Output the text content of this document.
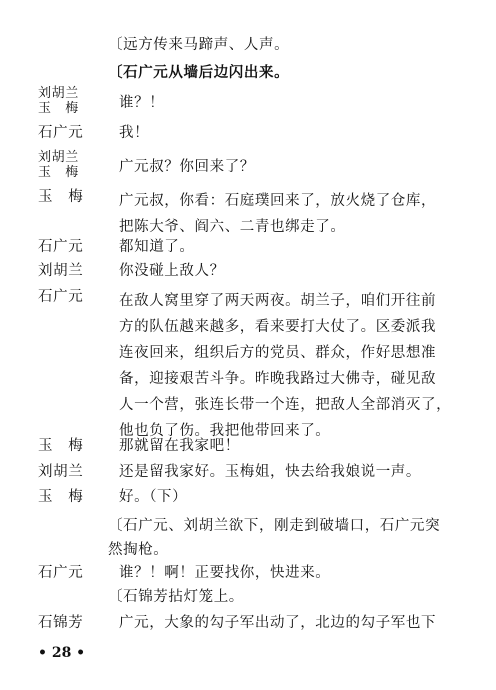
〔远方传来马蹄声、人声。
〔石广元从墙后边闪出来。
刘胡兰
玉　梅	谁？！
石广元	我！
刘胡兰
玉　梅	广元叔？你回来了？
玉　梅	广元叔，你看：石庭璞回来了，放火烧了仓库，
把陈大爷、阎六、二青也绑走了。
石广元	都知道了。
刘胡兰	你没碰上敌人？
石广元	在敌人窝里穿了两天两夜。胡兰子，咱们开往前
方的队伍越来越多，看来要打大仗了。区委派我
连夜回来，组织后方的党员、群众，作好思想准
备，迎接艰苦斗争。昨晚我路过大佛寺，碰见敌
人一个营，张连长带一个连，把敌人全部消灭了，
他也负了伤。我把他带回来了。
玉　梅	那就留在我家吧！
刘胡兰	还是留我家好。玉梅姐，快去给我娘说一声。
玉　梅	好。（下）
〔石广元、刘胡兰欲下，刚走到破墙口，石广元突
然掏枪。
石广元	谁？！啊！正要找你，快进来。
〔石锦芳拈灯笼上。
石锦芳	广元，大象的勾子军出动了，北边的勾子军也下
• 28 •
